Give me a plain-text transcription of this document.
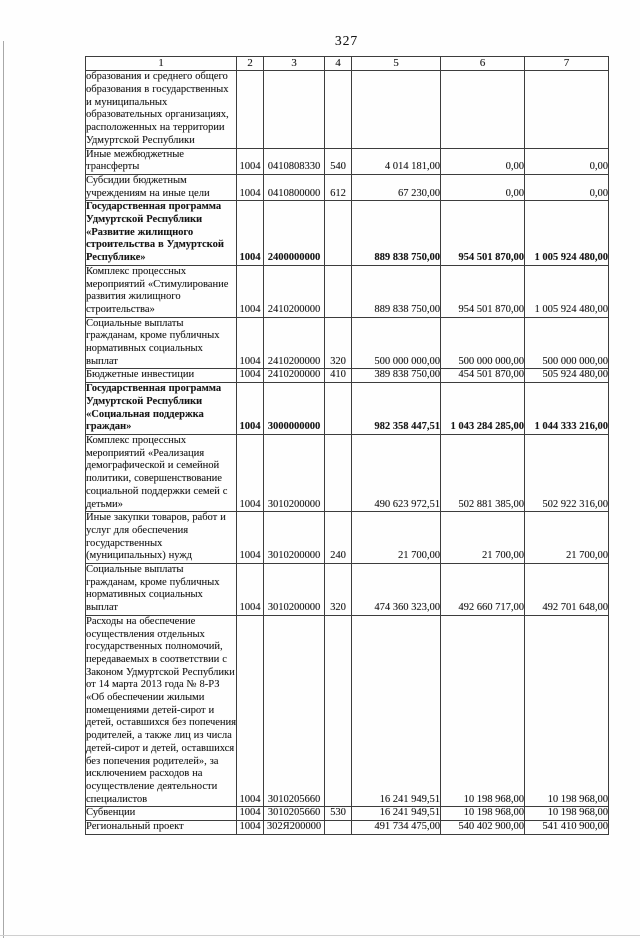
327
1	2	3	4	5	6	7
образования и среднего общего образования в государственных и муниципальных образовательных организациях, расположенных на территории Удмуртской Республики						
Иные межбюджетные трансферты	1004	0410808330	540	4 014 181,00	0,00	0,00
Субсидии бюджетным учреждениям на иные цели	1004	0410800000	612	67 230,00	0,00	0,00
Государственная программа Удмуртской Республики «Развитие жилищного строительства в Удмуртской Республике»	1004	2400000000		889 838 750,00	954 501 870,00	1 005 924 480,00
Комплекс процессных мероприятий «Стимулирование развития жилищного строительства»	1004	2410200000		889 838 750,00	954 501 870,00	1 005 924 480,00
Социальные выплаты гражданам, кроме публичных нормативных социальных выплат	1004	2410200000	320	500 000 000,00	500 000 000,00	500 000 000,00
Бюджетные инвестиции	1004	2410200000	410	389 838 750,00	454 501 870,00	505 924 480,00
Государственная программа Удмуртской Республики «Социальная поддержка граждан»	1004	3000000000		982 358 447,51	1 043 284 285,00	1 044 333 216,00
Комплекс процессных мероприятий «Реализация демографической и семейной политики, совершенствование социальной поддержки семей с детьми»	1004	3010200000		490 623 972,51	502 881 385,00	502 922 316,00
Иные закупки товаров, работ и услуг для обеспечения государственных (муниципальных) нужд	1004	3010200000	240	21 700,00	21 700,00	21 700,00
Социальные выплаты гражданам, кроме публичных нормативных социальных выплат	1004	3010200000	320	474 360 323,00	492 660 717,00	492 701 648,00
Расходы на обеспечение осуществления отдельных государственных полномочий, передаваемых в соответствии с Законом Удмуртской Республики от 14 марта 2013 года № 8-РЗ «Об обеспечении жилыми помещениями детей-сирот и детей, оставшихся без попечения родителей, а также лиц из числа детей-сирот и детей, оставшихся без попечения родителей», за исключением расходов на осуществление деятельности специалистов	1004	3010205660		16 241 949,51	10 198 968,00	10 198 968,00
Субвенции	1004	3010205660	530	16 241 949,51	10 198 968,00	10 198 968,00
Региональный проект	1004	302Я200000		491 734 475,00	540 402 900,00	541 410 900,00
